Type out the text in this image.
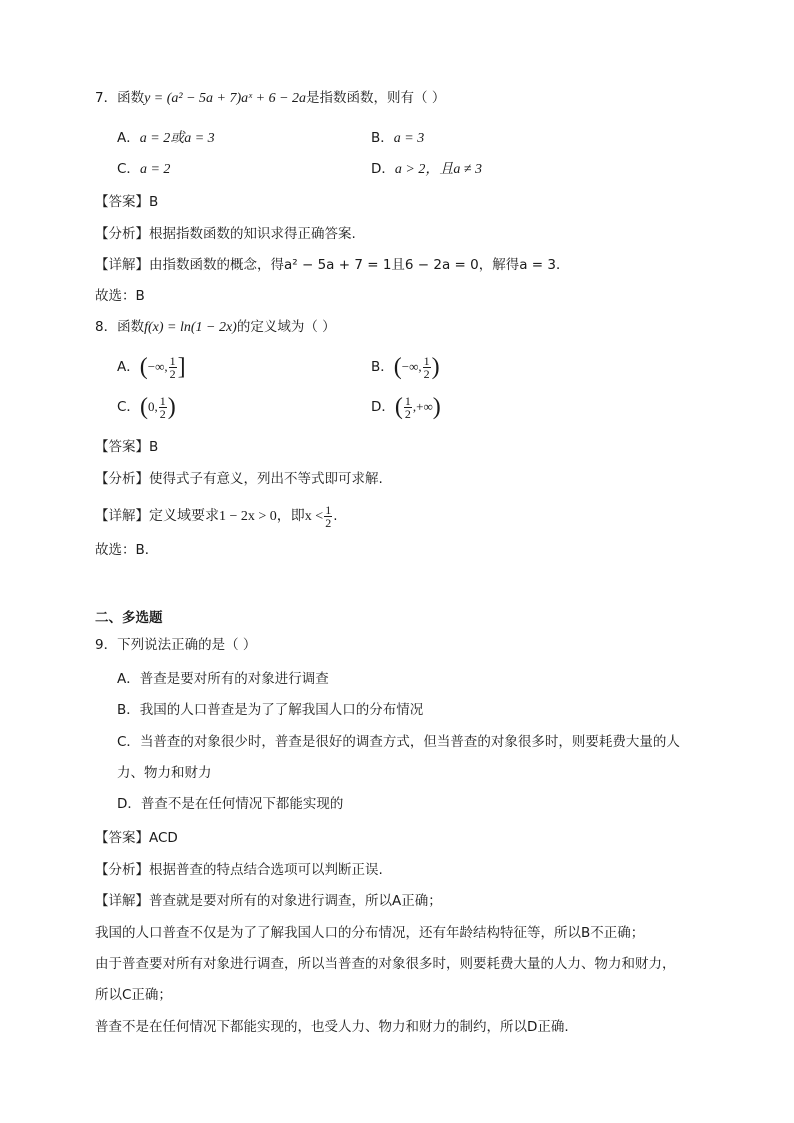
7．函数y = (a² − 5a + 7)aˣ + 6 − 2a是指数函数，则有（ ）
A．a = 2或a = 3	B．a = 3
C．a = 2	D．a > 2，且a ≠ 3
【答案】B
【分析】根据指数函数的知识求得正确答案.
【详解】由指数函数的概念，得a² − 5a + 7 = 1且6 − 2a = 0，解得a = 3．
故选：B
8．函数f(x) = ln(1 − 2x)的定义域为（ ）
A．(−∞, $\frac{1}{2}$ ]	B．(−∞, $\frac{1}{2}$ )
C．(0, $\frac{1}{2}$ )	D．( $\frac{1}{2}$ ,+∞)
【答案】B
【分析】使得式子有意义，列出不等式即可求解.
【详解】定义域要求1 − 2x > 0，即$x < \frac{1}{2}$ .
故选：B．
二、多选题
9．下列说法正确的是（ ）
A．普查是要对所有的对象进行调查
B．我国的人口普查是为了了解我国人口的分布情况
C．当普查的对象很少时，普查是很好的调查方式，但当普查的对象很多时，则要耗费大量的人
力、物力和财力
D．普查不是在任何情况下都能实现的
【答案】ACD
【分析】根据普查的特点结合选项可以判断正误.
【详解】普查就是要对所有的对象进行调查，所以A正确；
我国的人口普查不仅是为了了解我国人口的分布情况，还有年龄结构特征等，所以B不正确；
由于普查要对所有对象进行调查，所以当普查的对象很多时，则要耗费大量的人力、物力和财力，
所以C正确；
普查不是在任何情况下都能实现的，也受人力、物力和财力的制约，所以D正确.
